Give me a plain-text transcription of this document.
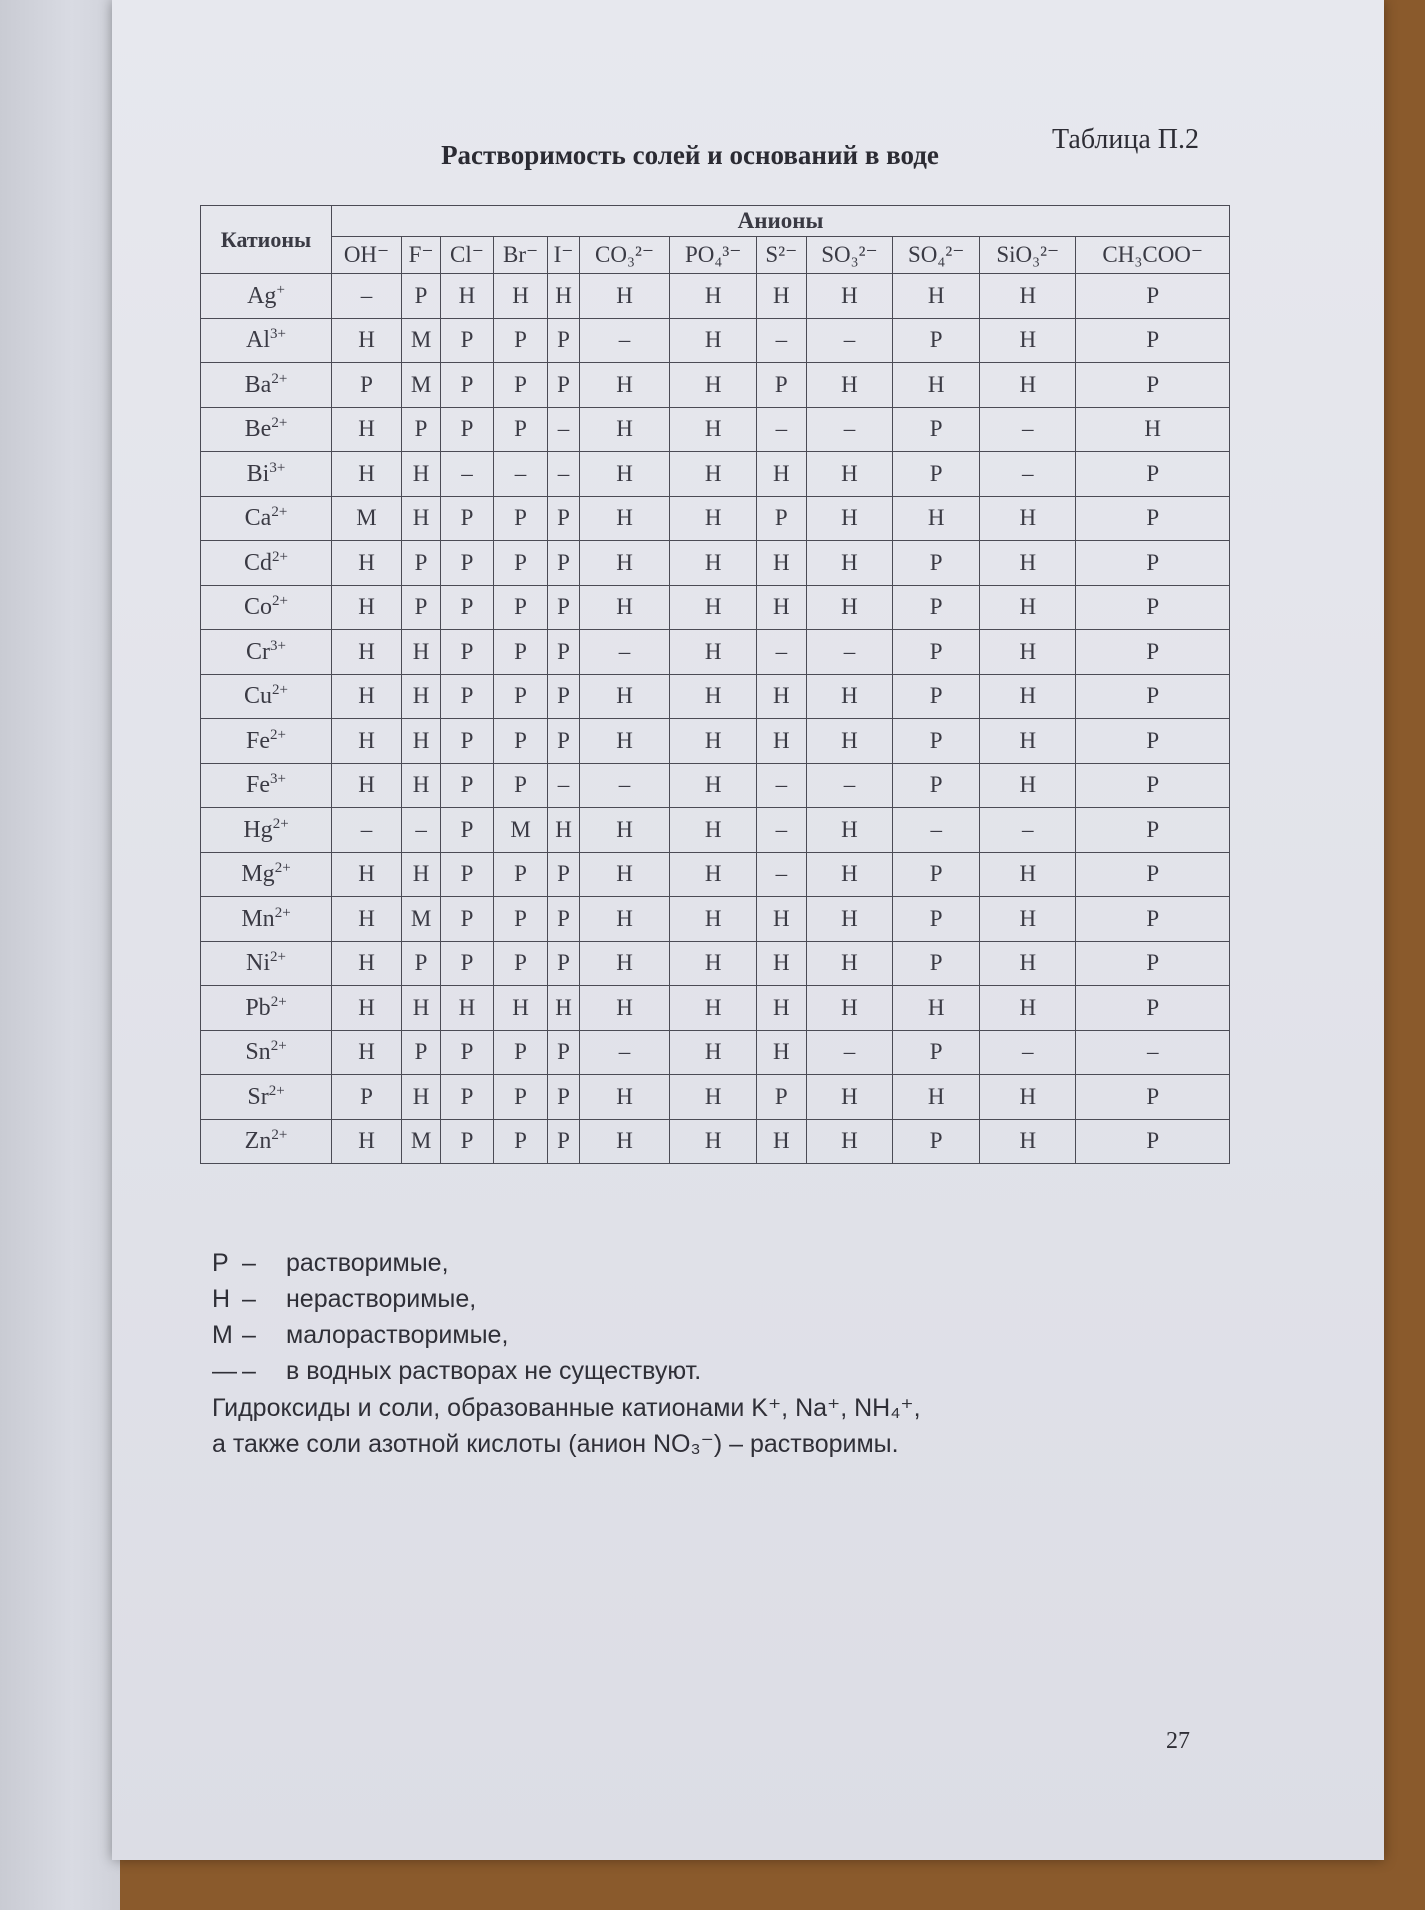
Таблица П.2
Растворимость солей и оснований в воде
Катионы	Анионы											
	OH⁻	F⁻	Cl⁻	Br⁻	I⁻	CO₃²⁻	PO₄³⁻	S²⁻	SO₃²⁻	SO₄²⁻	SiO₃²⁻	CH₃COO⁻
Ag+	–	Р	Н	Н	Н	Н	Н	Н	Н	Н	Н	Р
$Al^{3+}$	Н	М	Р	Р	Р	–	Н	–	–	Р	Н	Р
$Ba^{2+}$	Р	М	Р	Р	Р	Н	Н	Р	Н	Н	Н	Р
$Be^{2+}$	Н	Р	Р	Р	–	Н	Н	–	–	Р	–	Н
$Bi^{3+}$	Н	Н	–	–	–	Н	Н	Н	Н	Р	–	Р
$Ca^{2+}$	М	Н	Р	Р	Р	Н	Н	Р	Н	Н	Н	Р
$Cd^{2+}$	Н	Р	Р	Р	Р	Н	Н	Н	Н	Р	Н	Р
$Co^{2+}$	Н	Р	Р	Р	Р	Н	Н	Н	Н	Р	Н	Р
$Cr^{3+}$	Н	Н	Р	Р	Р	–	Н	–	–	Р	Н	Р
$Cu^{2+}$	Н	Н	Р	Р	Р	Н	Н	Н	Н	Р	Н	Р
$Fe^{2+}$	Н	Н	Р	Р	Р	Н	Н	Н	Н	Р	Н	Р
$Fe^{3+}$	Н	Н	Р	Р	–	–	Н	–	–	Р	Н	Р
$Hg^{2+}$	–	–	Р	М	Н	Н	Н	–	Н	–	–	Р
$Mg^{2+}$	Н	Н	Р	Р	Р	Н	Н	–	Н	Р	Н	Р
$Mn^{2+}$	Н	М	Р	Р	Р	Н	Н	Н	Н	Р	Н	Р
$Ni^{2+}$	Н	Р	Р	Р	Р	Н	Н	Н	Н	Р	Н	Р
$Pb^{2+}$	Н	Н	Н	Н	Н	Н	Н	Н	Н	Н	Н	Р
$Sn^{2+}$	Н	Р	Р	Р	Р	–	Н	Н	–	Р	–	–
$Sr^{2+}$	Р	Н	Р	Р	Р	Н	Н	Р	Н	Н	Н	Р
$Zn^{2+}$	Н	М	Р	Р	Р	Н	Н	Н	Н	Р	Н	Р
Р –	растворимые,
Н –	нерастворимые,
М –	малорастворимые,
— –	в водных растворах не существуют.
Гидроксиды и соли, образованные катионами K⁺, Na⁺, NH₄⁺,
а также соли азотной кислоты (анион NO₃⁻) – растворимы.
27
